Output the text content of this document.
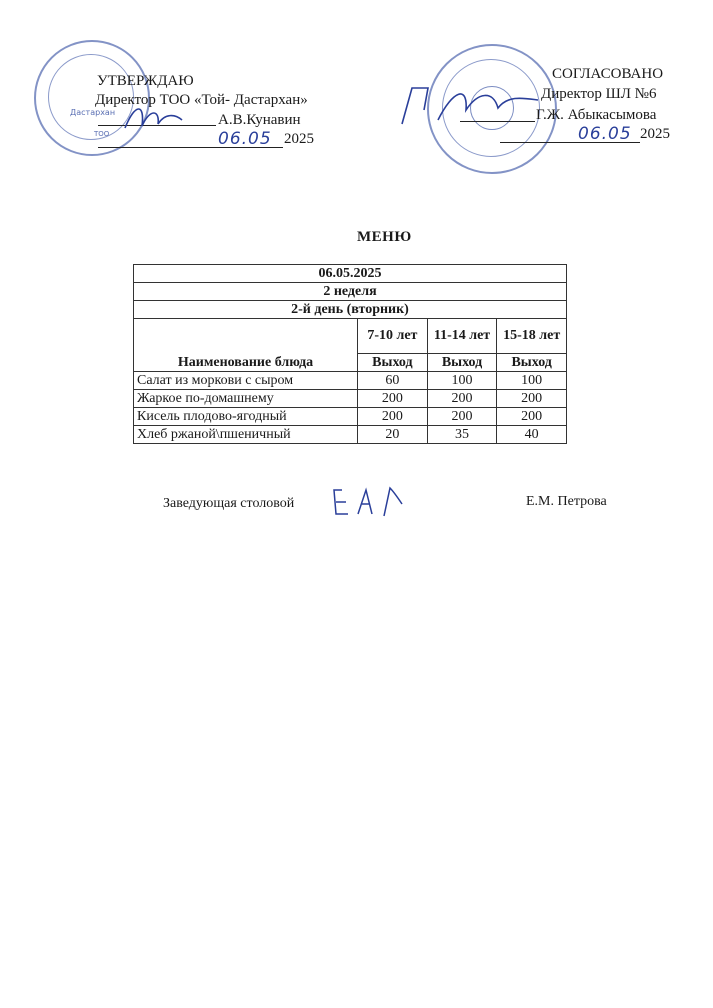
Дастархан
ТОО
УТВЕРЖДАЮ
Директор ТОО «Той- Дастархан»
А.В.Кунавин
06.05 2025
СОГЛАСОВАНО
Директор ШЛ №6
Г.Ж. Абыкасымова
06.05 2025
МЕНЮ
06.05.2025			
2 неделя			
2-й день (вторник)			
Наименование блюда	7-10 лет	11-14 лет	15-18 лет
	Выход	Выход	Выход
Салат из моркови с сыром	60	100	100
Жаркое по-домашнему	200	200	200
Кисель плодово-ягодный	200	200	200
Хлеб ржаной\пшеничный	20	35	40
Заведующая столовой	Е.М. Петрова
